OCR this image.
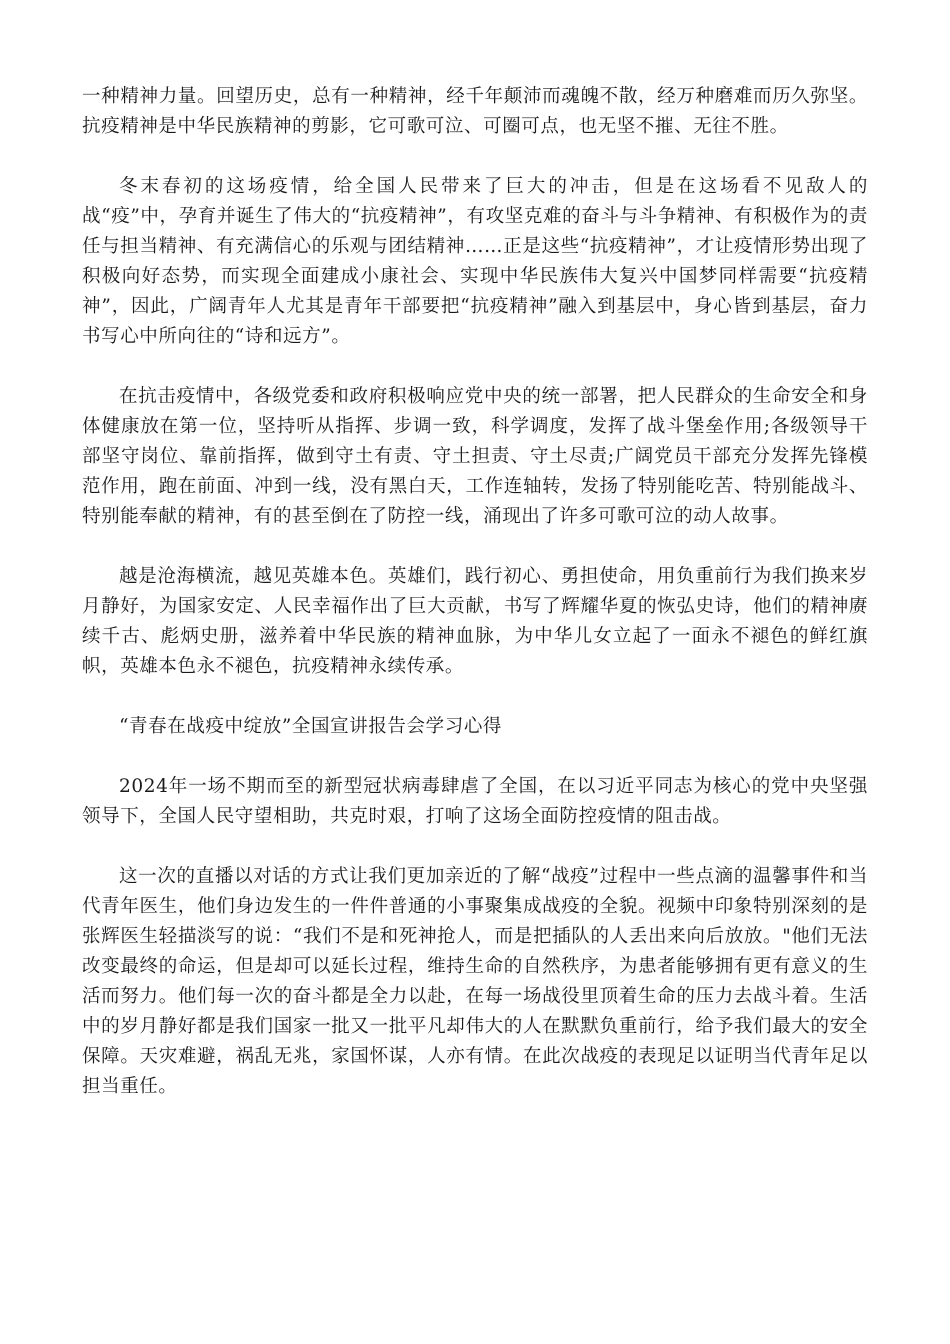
一种精神力量。回望历史，总有一种精神，经千年颠沛而魂魄不散，经万种磨难而历久弥坚。抗疫精神是中华民族精神的剪影，它可歌可泣、可圈可点，也无坚不摧、无往不胜。

冬末春初的这场疫情，给全国人民带来了巨大的冲击，但是在这场看不见敌人的战“疫”中，孕育并诞生了伟大的“抗疫精神”，有攻坚克难的奋斗与斗争精神、有积极作为的责任与担当精神、有充满信心的乐观与团结精神……正是这些“抗疫精神”，才让疫情形势出现了积极向好态势，而实现全面建成小康社会、实现中华民族伟大复兴中国梦同样需要“抗疫精神”，因此，广阔青年人尤其是青年干部要把“抗疫精神”融入到基层中，身心皆到基层，奋力书写心中所向往的“诗和远方”。

在抗击疫情中，各级党委和政府积极响应党中央的统一部署，把人民群众的生命安全和身体健康放在第一位，坚持听从指挥、步调一致，科学调度，发挥了战斗堡垒作用;各级领导干部坚守岗位、靠前指挥，做到守土有责、守土担责、守土尽责;广阔党员干部充分发挥先锋模范作用，跑在前面、冲到一线，没有黑白天，工作连轴转，发扬了特别能吃苦、特别能战斗、特别能奉献的精神，有的甚至倒在了防控一线，涌现出了许多可歌可泣的动人故事。

越是沧海横流，越见英雄本色。英雄们，践行初心、勇担使命，用负重前行为我们换来岁月静好，为国家安定、人民幸福作出了巨大贡献，书写了辉耀华夏的恢弘史诗，他们的精神赓续千古、彪炳史册，滋养着中华民族的精神血脉，为中华儿女立起了一面永不褪色的鲜红旗帜，英雄本色永不褪色，抗疫精神永续传承。

“青春在战疫中绽放”全国宣讲报告会学习心得

2024年一场不期而至的新型冠状病毒肆虐了全国，在以习近平同志为核心的党中央坚强领导下，全国人民守望相助，共克时艰，打响了这场全面防控疫情的阻击战。

这一次的直播以对话的方式让我们更加亲近的了解“战疫”过程中一些点滴的温馨事件和当代青年医生，他们身边发生的一件件普通的小事聚集成战疫的全貌。视频中印象特别深刻的是张辉医生轻描淡写的说：“我们不是和死神抢人，而是把插队的人丢出来向后放放。"他们无法改变最终的命运，但是却可以延长过程，维持生命的自然秩序，为患者能够拥有更有意义的生活而努力。他们每一次的奋斗都是全力以赴，在每一场战役里顶着生命的压力去战斗着。生活中的岁月静好都是我们国家一批又一批平凡却伟大的人在默默负重前行，给予我们最大的安全保障。天灾难避，祸乱无兆，家国怀谋，人亦有情。在此次战疫的表现足以证明当代青年足以担当重任。
